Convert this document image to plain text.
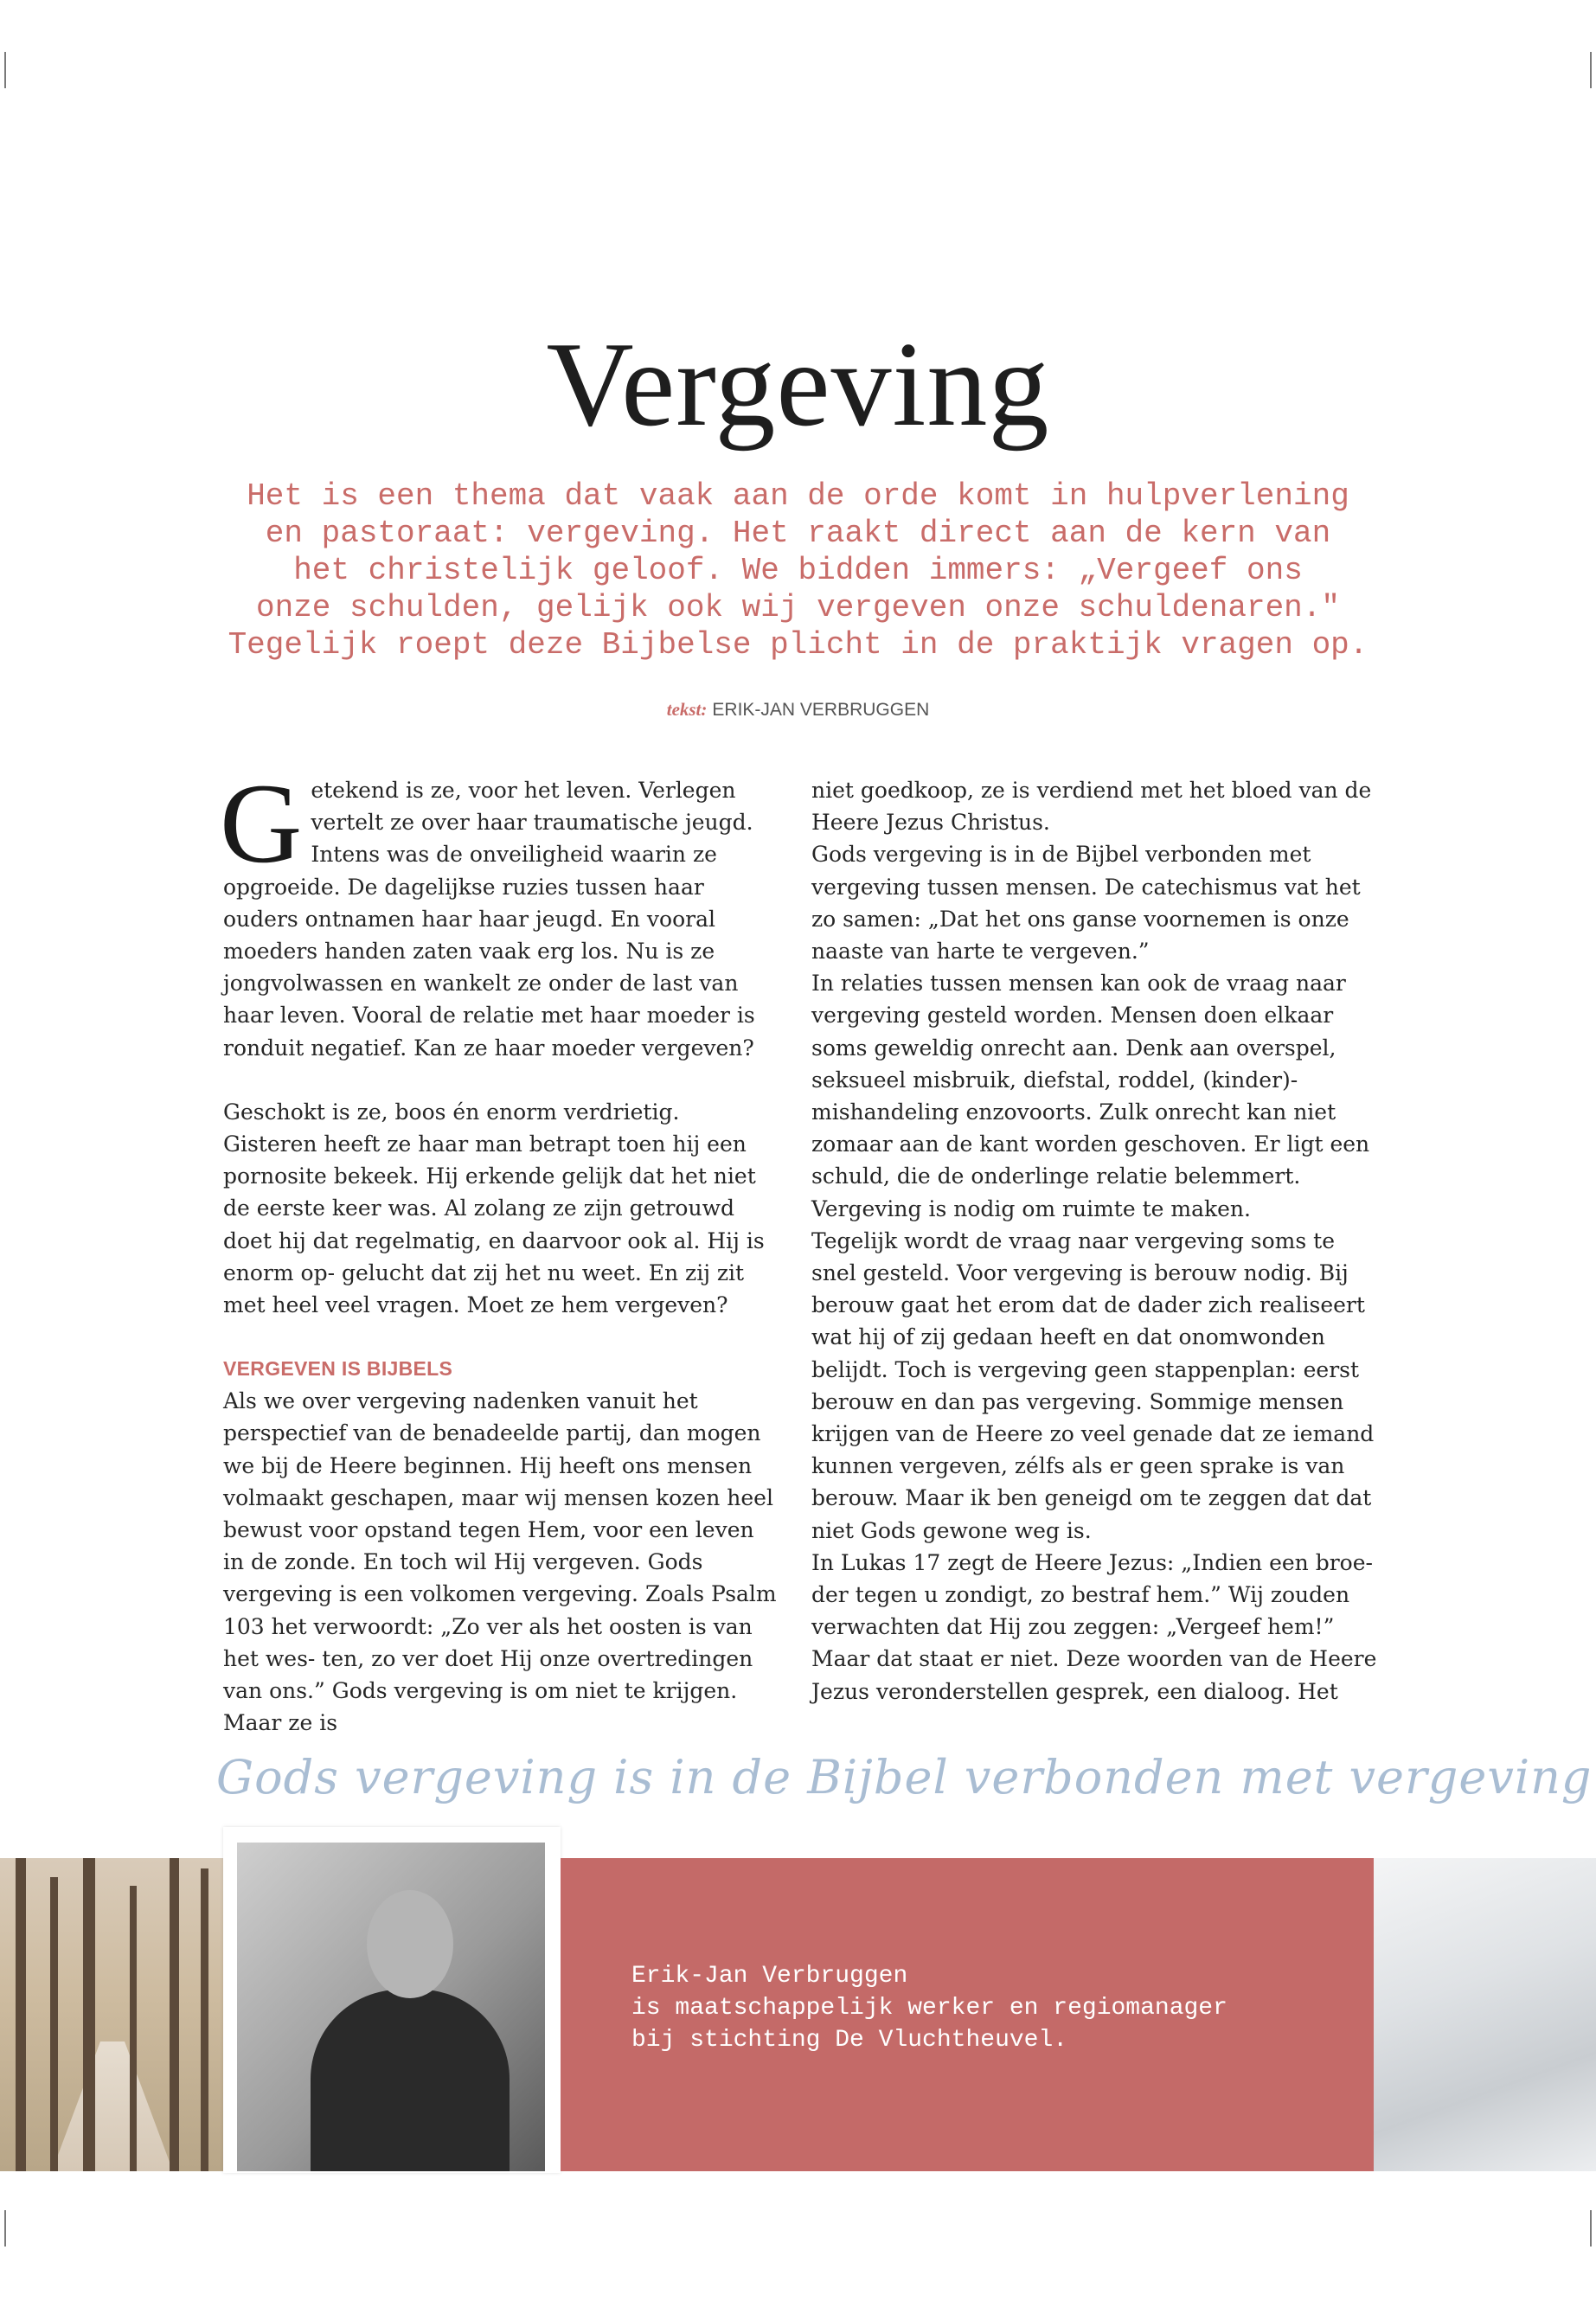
Vergeving
Het is een thema dat vaak aan de orde komt in hulpverlening
en pastoraat: vergeving. Het raakt direct aan de kern van
het christelijk geloof. We bidden immers: „Vergeef ons
onze schulden, gelijk ook wij vergeven onze schuldenaren."
Tegelijk roept deze Bijbelse plicht in de praktijk vragen op.
tekst: ERIK-JAN VERBRUGGEN

Getekend is ze, voor het leven. Verlegen vertelt ze over haar traumatische jeugd. Intens was de onveiligheid waarin ze opgroeide. De dagelijkse ruzies tussen haar ouders ontnamen haar haar jeugd. En vooral moeders handen zaten vaak erg los. Nu is ze jongvolwassen en wankelt ze onder de last van haar leven. Vooral de relatie met haar moeder is ronduit negatief. Kan ze haar moeder vergeven?

Geschokt is ze, boos én enorm verdrietig. Gisteren heeft ze haar man betrapt toen hij een pornosite bekeek. Hij erkende gelijk dat het niet de eerste keer was. Al zolang ze zijn getrouwd doet hij dat regelmatig, en daarvoor ook al. Hij is enorm op- gelucht dat zij het nu weet. En zij zit met heel veel vragen. Moet ze hem vergeven?

VERGEVEN IS BIJBELS

Als we over vergeving nadenken vanuit het perspectief van de benadeelde partij, dan mogen we bij de Heere beginnen. Hij heeft ons mensen volmaakt geschapen, maar wij mensen kozen heel bewust voor opstand tegen Hem, voor een leven in de zonde. En toch wil Hij vergeven. Gods vergeving is een volkomen vergeving. Zoals Psalm 103 het verwoordt: „Zo ver als het oosten is van het wes- ten, zo ver doet Hij onze overtredingen van ons.” Gods vergeving is om niet te krijgen. Maar ze is

niet goedkoop, ze is verdiend met het bloed van de Heere Jezus Christus.

Gods vergeving is in de Bijbel verbonden met vergeving tussen mensen. De catechismus vat het zo samen: „Dat het ons ganse voornemen is onze naaste van harte te vergeven.”

In relaties tussen mensen kan ook de vraag naar vergeving gesteld worden. Mensen doen elkaar soms geweldig onrecht aan. Denk aan overspel, seksueel misbruik, diefstal, roddel, (kinder)- mishandeling enzovoorts. Zulk onrecht kan niet zomaar aan de kant worden geschoven. Er ligt een schuld, die de onderlinge relatie belemmert. Vergeving is nodig om ruimte te maken.

Tegelijk wordt de vraag naar vergeving soms te snel gesteld. Voor vergeving is berouw nodig. Bij berouw gaat het erom dat de dader zich realiseert wat hij of zij gedaan heeft en dat onomwonden belijdt. Toch is vergeving geen stappenplan: eerst berouw en dan pas vergeving. Sommige mensen krijgen van de Heere zo veel genade dat ze iemand kunnen vergeven, zélfs als er geen sprake is van berouw. Maar ik ben geneigd om te zeggen dat dat niet Gods gewone weg is.

In Lukas 17 zegt de Heere Jezus: „Indien een broe- der tegen u zondigt, zo bestraf hem.” Wij zouden verwachten dat Hij zou zeggen: „Vergeef hem!” Maar dat staat er niet. Deze woorden van de Heere Jezus veronderstellen gesprek, een dialoog. Het

Gods vergeving is in de Bijbel verbonden met vergeving
Erik-Jan Verbruggen
is maatschappelijk werker en regiomanager
bij stichting De Vluchtheuvel.
